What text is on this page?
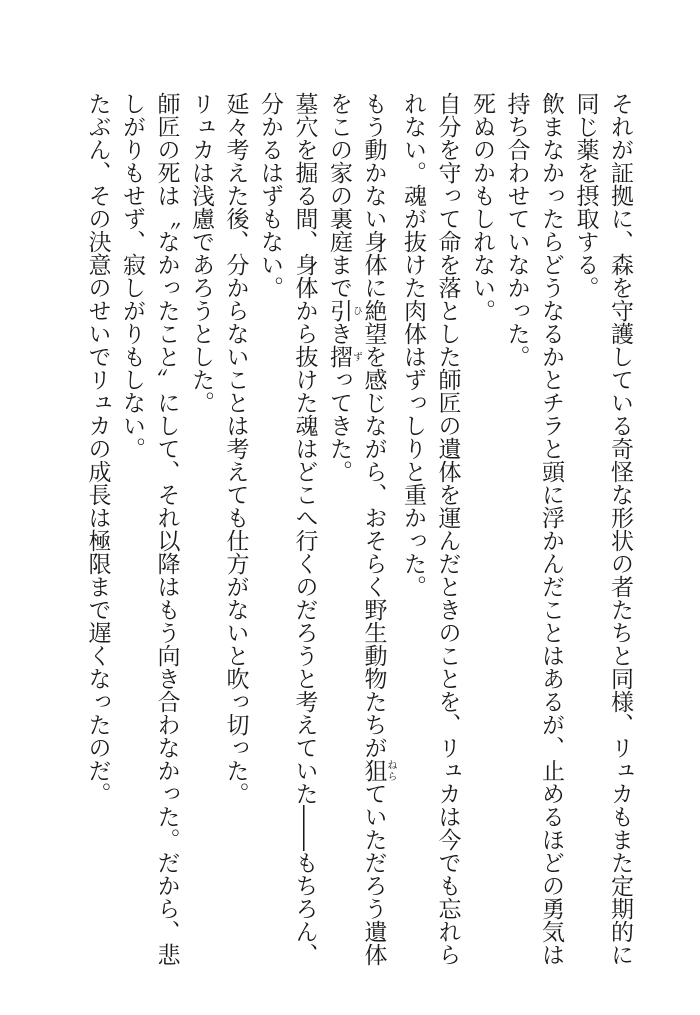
それが証拠に、森を守護している奇怪な形状の者たちと同様、リュカもまた定期的に同じ薬を摂取する。

飲まなかったらどうなるかとチラと頭に浮かんだことはあるが、止めるほどの勇気は持ち合わせていなかった。

死ぬのかもしれない。

自分を守って命を落とした師匠の遺体を運んだときのことを、リュカは今でも忘れられない。魂が抜けた肉体はずっしりと重かった。

もう動かない身体に絶望を感じながら、おそらく野生動物たちが狙ねらていただろう遺体をこの家の裏庭まで引ひき摺ずってきた。

墓穴を掘る間、身体から抜けた魂はどこへ行くのだろうと考えていた――もちろん、分かるはずもない。

延々考えた後、分からないことは考えても仕方がないと吹っ切った。

リュカは浅慮であろうとした。

師匠の死は〝なかったこと〟にして、それ以降はもう向き合わなかった。だから、悲しがりもせず、寂しがりもしない。

たぶん、その決意のせいでリュカの成長は極限まで遅くなったのだ。
